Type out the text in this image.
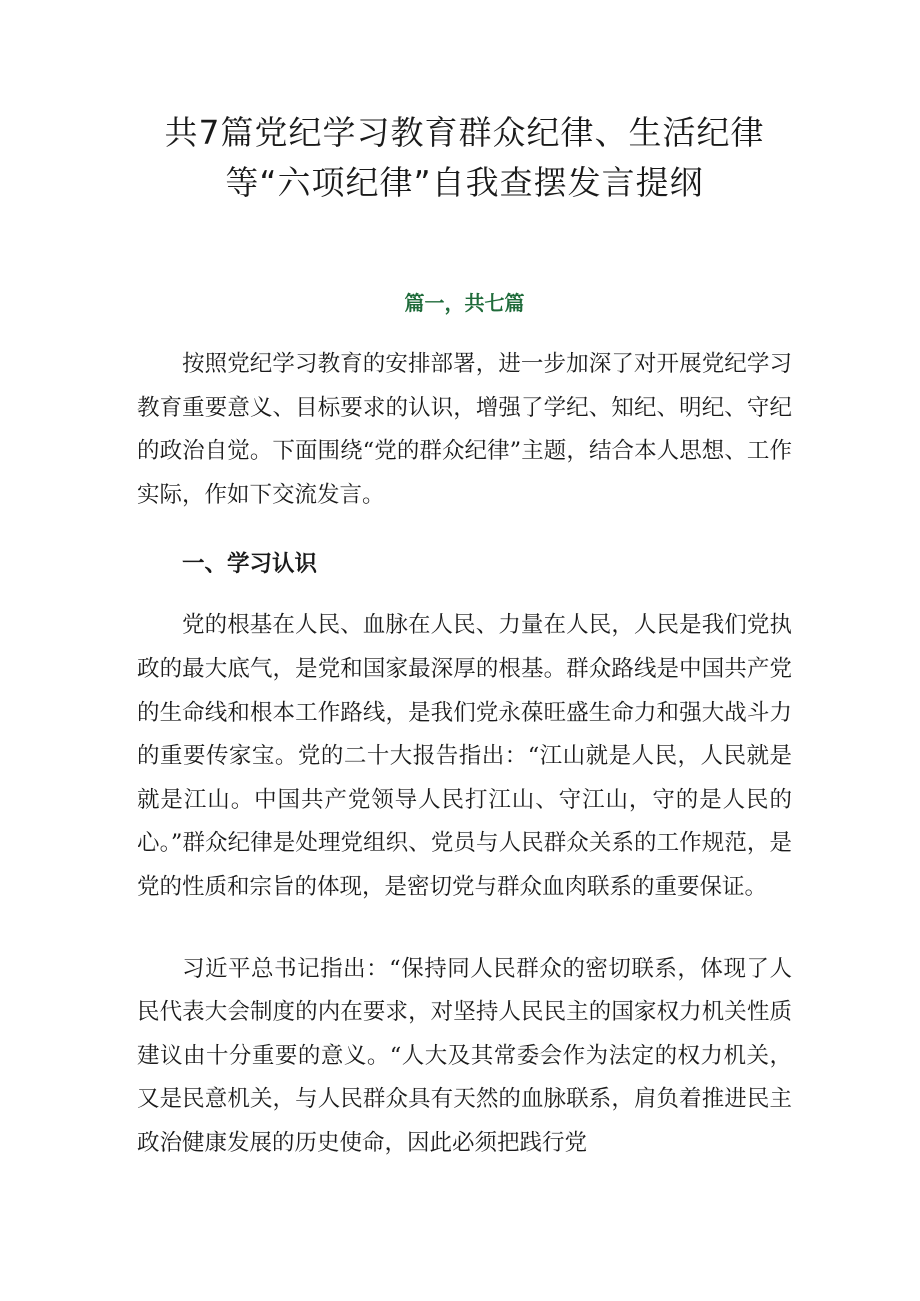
共7篇党纪学习教育群众纪律、生活纪律
等“六项纪律”自我查摆发言提纲
篇一，共七篇

按照党纪学习教育的安排部署，进一步加深了对开展党纪学习教育重要意义、目标要求的认识，增强了学纪、知纪、明纪、守纪的政治自觉。下面围绕“党的群众纪律”主题，结合本人思想、工作实际，作如下交流发言。

一、学习认识

党的根基在人民、血脉在人民、力量在人民，人民是我们党执政的最大底气，是党和国家最深厚的根基。群众路线是中国共产党的生命线和根本工作路线，是我们党永葆旺盛生命力和强大战斗力的重要传家宝。党的二十大报告指出：“江山就是人民，人民就是就是江山。中国共产党领导人民打江山、守江山，守的是人民的心。”群众纪律是处理党组织、党员与人民群众关系的工作规范，是党的性质和宗旨的体现，是密切党与群众血肉联系的重要保证。

习近平总书记指出：“保持同人民群众的密切联系，体现了人民代表大会制度的内在要求，对坚持人民民主的国家权力机关性质建议由十分重要的意义。“人大及其常委会作为法定的权力机关，又是民意机关，与人民群众具有天然的血脉联系，肩负着推进民主政治健康发展的历史使命，因此必须把践行党
